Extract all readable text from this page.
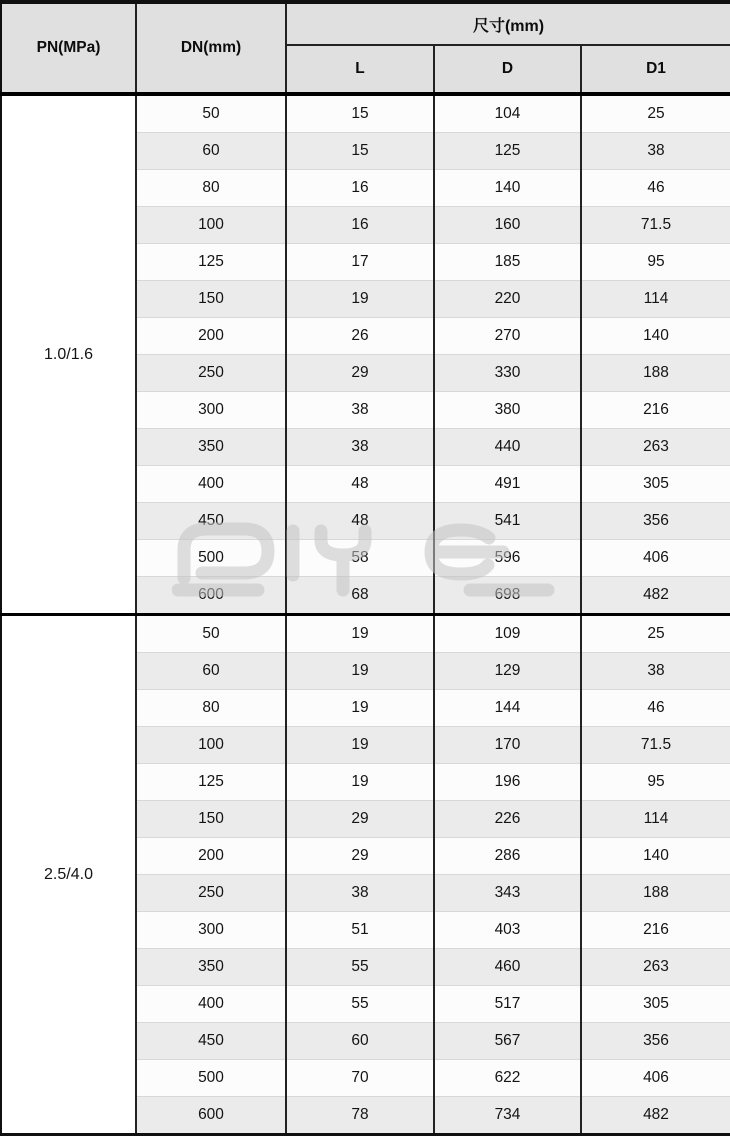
PN(MPa)	DN(mm)	尺寸(mm)		
		L	D	D1
1.0/1.6	50	15	104	25
	60	15	125	38
	80	16	140	46
	100	16	160	71.5
	125	17	185	95
	150	19	220	114
	200	26	270	140
	250	29	330	188
	300	38	380	216
	350	38	440	263
	400	48	491	305
	450	48	541	356
	500	58	596	406
	600	68	698	482
2.5/4.0	50	19	109	25
	60	19	129	38
	80	19	144	46
	100	19	170	71.5
	125	19	196	95
	150	29	226	114
	200	29	286	140
	250	38	343	188
	300	51	403	216
	350	55	460	263
	400	55	517	305
	450	60	567	356
	500	70	622	406
	600	78	734	482
